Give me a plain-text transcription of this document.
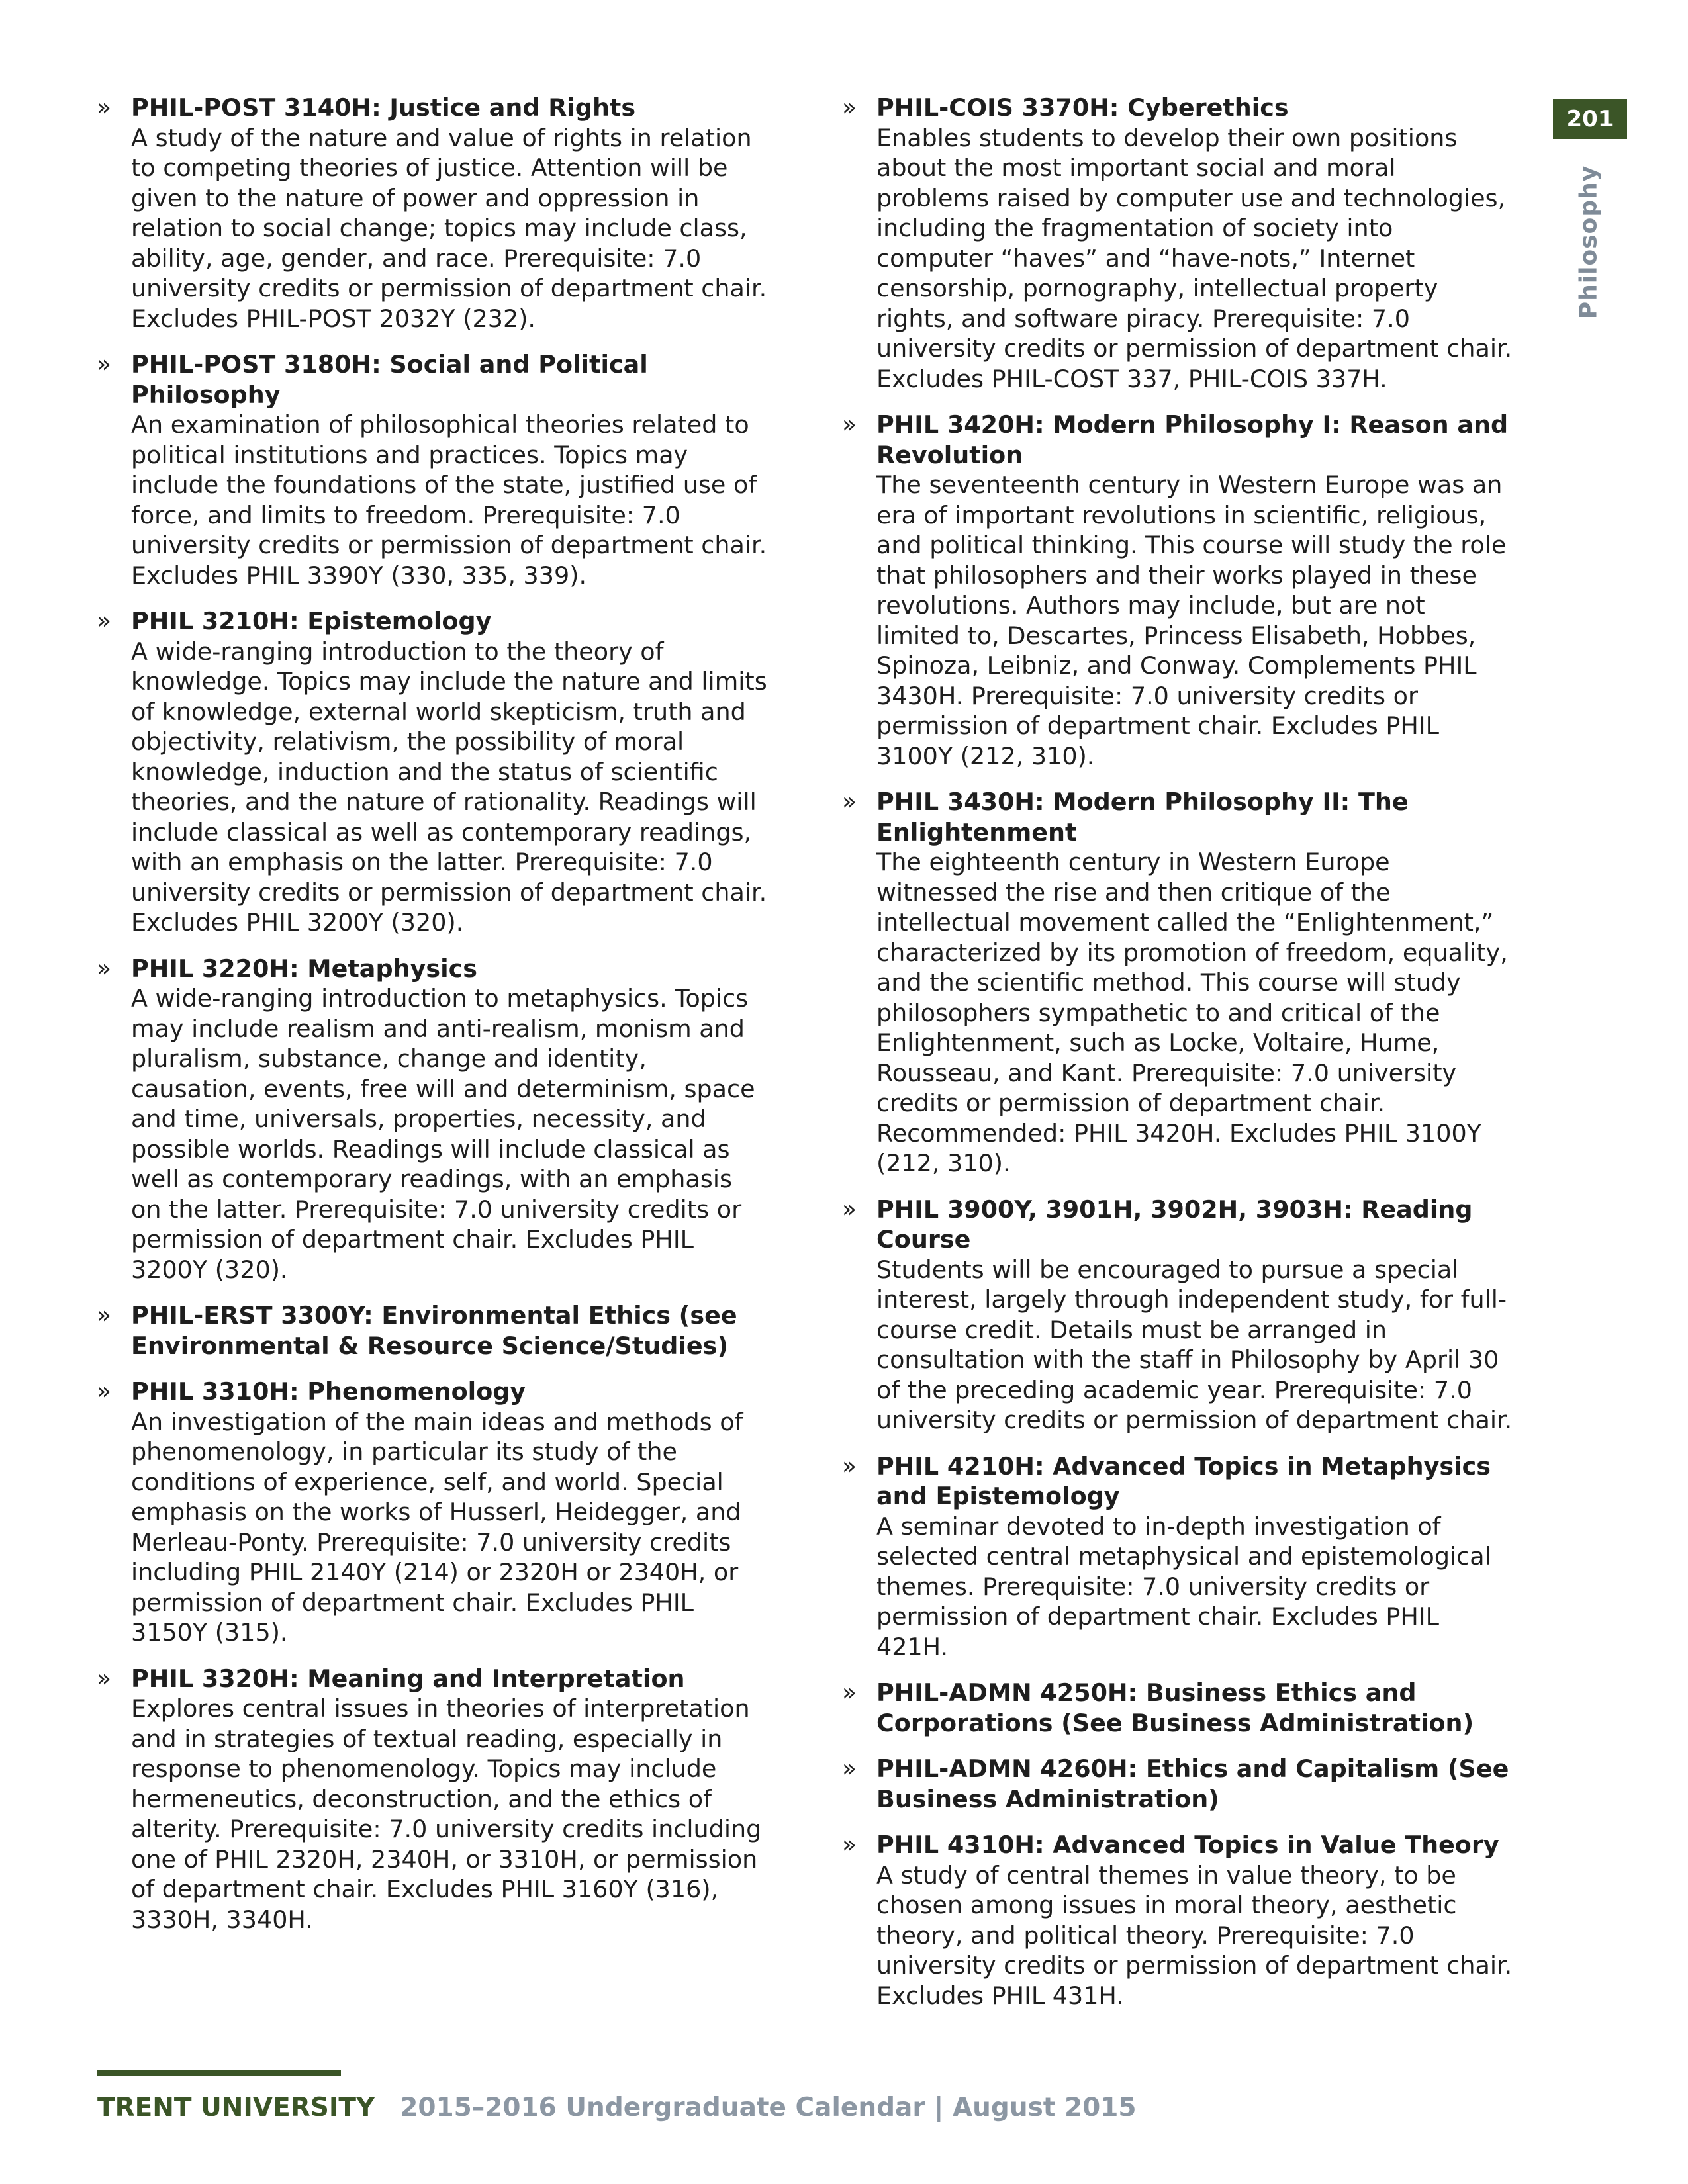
» PHIL-POST 3140H: Justice and Rights
A study of the nature and value of rights in relation to competing theories of justice. Attention will be given to the nature of power and oppression in relation to social change; topics may include class, ability, age, gender, and race. Prerequisite: 7.0 university credits or permission of department chair. Excludes PHIL-POST 2032Y (232).
» PHIL-POST 3180H: Social and Political Philosophy
An examination of philosophical theories related to political institutions and practices. Topics may include the foundations of the state, justified use of force, and limits to freedom. Prerequisite: 7.0 university credits or permission of department chair. Excludes PHIL 3390Y (330, 335, 339).
» PHIL 3210H: Epistemology
A wide-ranging introduction to the theory of knowledge. Topics may include the nature and limits of knowledge, external world skepticism, truth and objectivity, relativism, the possibility of moral knowledge, induction and the status of scientific theories, and the nature of rationality. Readings will include classical as well as contemporary readings, with an emphasis on the latter. Prerequisite: 7.0 university credits or permission of department chair. Excludes PHIL 3200Y (320).
» PHIL 3220H: Metaphysics
A wide-ranging introduction to metaphysics. Topics may include realism and anti-realism, monism and pluralism, substance, change and identity, causation, events, free will and determinism, space and time, universals, properties, necessity, and possible worlds. Readings will include classical as well as contemporary readings, with an emphasis on the latter. Prerequisite: 7.0 university credits or permission of department chair. Excludes PHIL 3200Y (320).
» PHIL-ERST 3300Y: Environmental Ethics (see Environmental & Resource Science/Studies)
» PHIL 3310H: Phenomenology
An investigation of the main ideas and methods of phenomenology, in particular its study of the conditions of experience, self, and world. Special emphasis on the works of Husserl, Heidegger, and Merleau-Ponty. Prerequisite: 7.0 university credits including PHIL 2140Y (214) or 2320H or 2340H, or permission of department chair. Excludes PHIL 3150Y (315).
» PHIL 3320H: Meaning and Interpretation
Explores central issues in theories of interpretation and in strategies of textual reading, especially in response to phenomenology. Topics may include hermeneutics, deconstruction, and the ethics of alterity. Prerequisite: 7.0 university credits including one of PHIL 2320H, 2340H, or 3310H, or permission of department chair. Excludes PHIL 3160Y (316), 3330H, 3340H.
» PHIL-COIS 3370H: Cyberethics
Enables students to develop their own positions about the most important social and moral problems raised by computer use and technologies, including the fragmentation of society into computer “haves” and “have-nots,” Internet censorship, pornography, intellectual property rights, and software piracy. Prerequisite: 7.0 university credits or permission of department chair. Excludes PHIL-COST 337, PHIL-COIS 337H.
» PHIL 3420H: Modern Philosophy I: Reason and Revolution
The seventeenth century in Western Europe was an era of important revolutions in scientific, religious, and political thinking. This course will study the role that philosophers and their works played in these revolutions. Authors may include, but are not limited to, Descartes, Princess Elisabeth, Hobbes, Spinoza, Leibniz, and Conway. Complements PHIL 3430H. Prerequisite: 7.0 university credits or permission of department chair. Excludes PHIL 3100Y (212, 310).
» PHIL 3430H: Modern Philosophy II: The Enlightenment
The eighteenth century in Western Europe witnessed the rise and then critique of the intellectual movement called the “Enlightenment,” characterized by its promotion of freedom, equality, and the scientific method. This course will study philosophers sympathetic to and critical of the Enlightenment, such as Locke, Voltaire, Hume, Rousseau, and Kant. Prerequisite: 7.0 university credits or permission of department chair. Recommended: PHIL 3420H. Excludes PHIL 3100Y (212, 310).
» PHIL 3900Y, 3901H, 3902H, 3903H: Reading Course
Students will be encouraged to pursue a special interest, largely through independent study, for full-course credit. Details must be arranged in consultation with the staff in Philosophy by April 30 of the preceding academic year. Prerequisite: 7.0 university credits or permission of department chair.
» PHIL 4210H: Advanced Topics in Metaphysics and Epistemology
A seminar devoted to in-depth investigation of selected central metaphysical and epistemological themes. Prerequisite: 7.0 university credits or permission of department chair. Excludes PHIL 421H.
» PHIL-ADMN 4250H: Business Ethics and Corporations (See Business Administration)
» PHIL-ADMN 4260H: Ethics and Capitalism (See Business Administration)
» PHIL 4310H: Advanced Topics in Value Theory
A study of central themes in value theory, to be chosen among issues in moral theory, aesthetic theory, and political theory. Prerequisite: 7.0 university credits or permission of department chair. Excludes PHIL 431H.
201
Philosophy
TRENT UNIVERSITY 2015–2016 Undergraduate Calendar | August 2015
